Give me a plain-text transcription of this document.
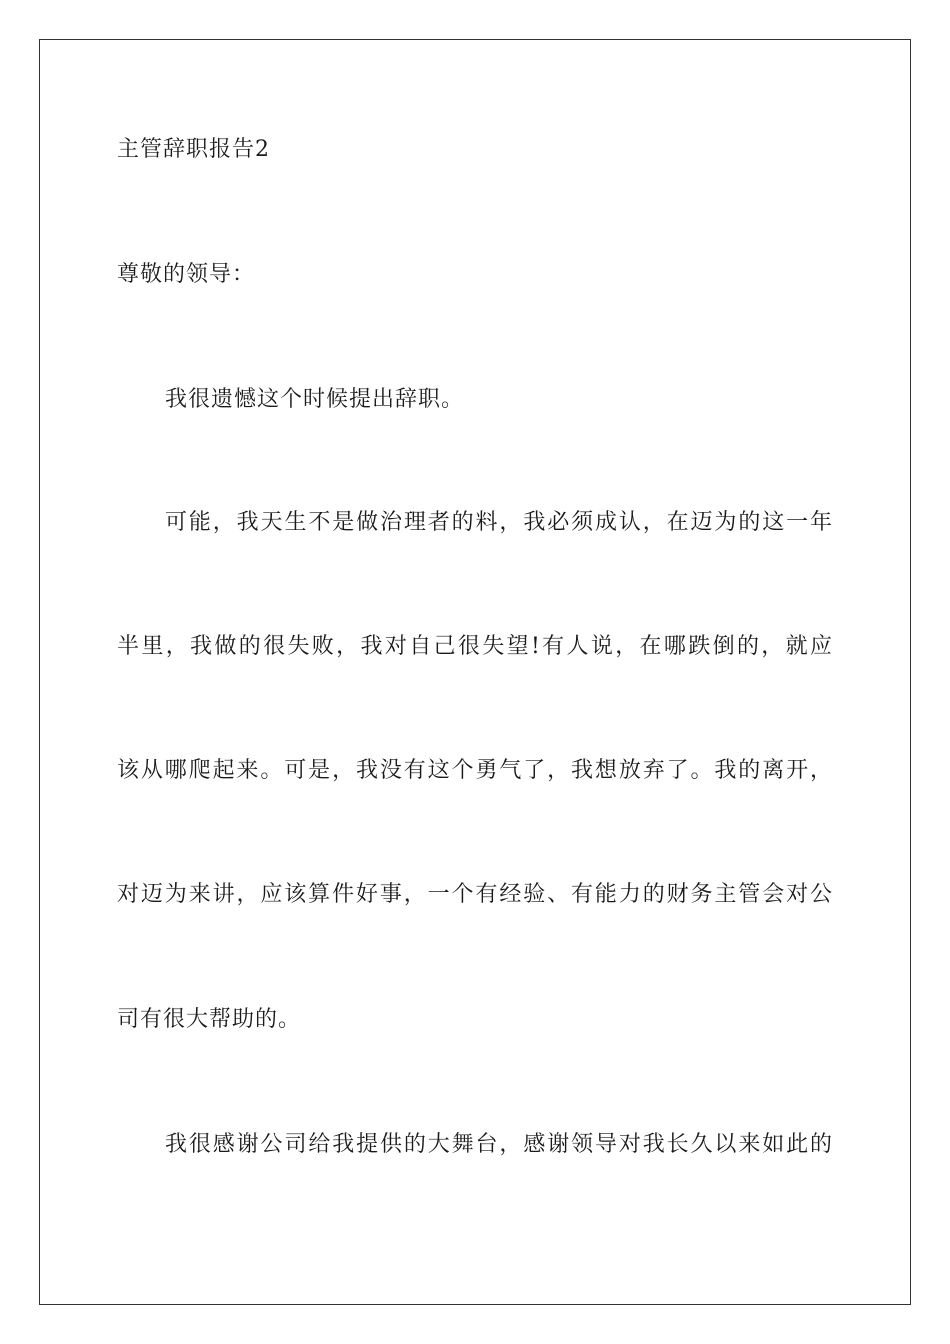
主管辞职报告2
尊敬的领导：
我很遗憾这个时候提出辞职。
可能，我天生不是做治理者的料，我必须成认，在迈为的这一年
半里，我做的很失败，我对自己很失望!有人说，在哪跌倒的，就应
该从哪爬起来。可是，我没有这个勇气了，我想放弃了。我的离开，
对迈为来讲，应该算件好事，一个有经验、有能力的财务主管会对公
司有很大帮助的。
我很感谢公司给我提供的大舞台，感谢领导对我长久以来如此的
